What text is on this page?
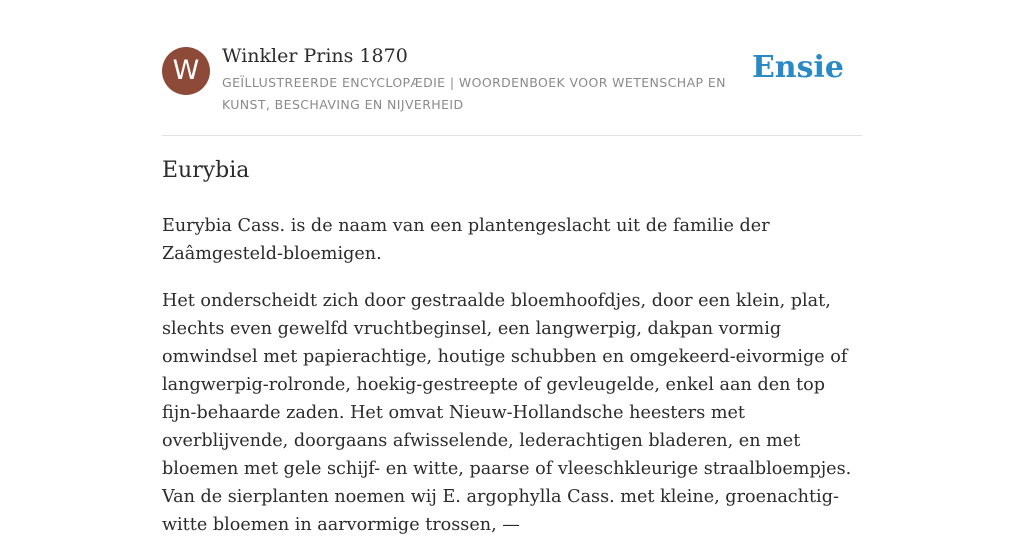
W	Winkler Prins 1870
GEÏLLUSTREERDE ENCYCLOPÆDIE | WOORDENBOEK VOOR WETENSCHAP EN KUNST, BESCHAVING EN NIJVERHEID
Ensie
Eurybia

Eurybia Cass. is de naam van een plantengeslacht uit de familie der Zaâmgesteld-bloemigen.

Het onderscheidt zich door gestraalde bloemhoofdjes, door een klein, plat, slechts even gewelfd vruchtbeginsel, een langwerpig, dakpan vormig omwindsel met papierachtige, houtige schubben en omgekeerd-eivormige of langwerpig-rolronde, hoekig-gestreepte of gevleugelde, enkel aan den top fijn-behaarde zaden. Het omvat Nieuw-Hollandsche heesters met overblijvende, doorgaans afwisselende, lederachtigen bladeren, en met bloemen met gele schijf- en witte, paarse of vleeschkleurige straalbloempjes. Van de sierplanten noemen wij E. argophylla Cass. met kleine, groenachtig-witte bloemen in aarvormige trossen, —
